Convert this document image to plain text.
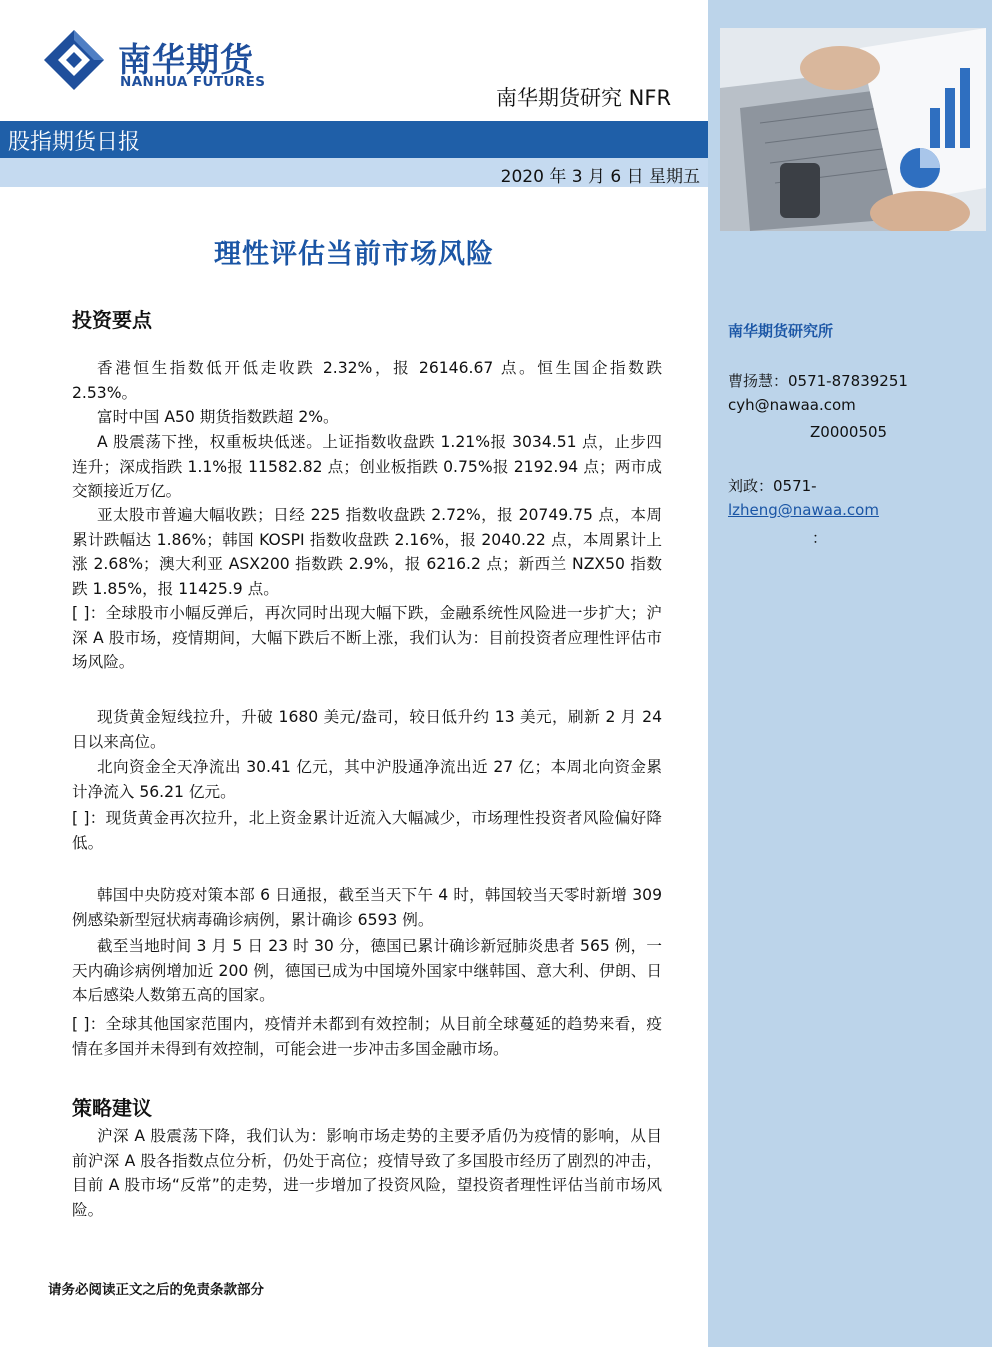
南华期货
NANHUA FUTURES
南华期货研究 NFR
股指期货日报
2020 年 3 月 6 日 星期五
理性评估当前市场风险
投资要点

香港恒生指数低开低走收跌 2.32%，报 26146.67 点。恒生国企指数跌 2.53%。

富时中国 A50 期货指数跌超 2%。

A 股震荡下挫，权重板块低迷。上证指数收盘跌 1.21%报 3034.51 点，止步四连升；深成指跌 1.1%报 11582.82 点；创业板指跌 0.75%报 2192.94 点；两市成交额接近万亿。

亚太股市普遍大幅收跌；日经 225 指数收盘跌 2.72%，报 20749.75 点，本周累计跌幅达 1.86%；韩国 KOSPI 指数收盘跌 2.16%，报 2040.22 点，本周累计上涨 2.68%；澳大利亚 ASX200 指数跌 2.9%，报 6216.2 点；新西兰 NZX50 指数跌 1.85%，报 11425.9 点。

[ ]：全球股市小幅反弹后，再次同时出现大幅下跌，金融系统性风险进一步扩大；沪深 A 股市场，疫情期间，大幅下跌后不断上涨，我们认为：目前投资者应理性评估市场风险。

现货黄金短线拉升，升破 1680 美元/盎司，较日低升约 13 美元，刷新 2 月 24 日以来高位。

北向资金全天净流出 30.41 亿元，其中沪股通净流出近 27 亿；本周北向资金累计净流入 56.21 亿元。

[ ]：现货黄金再次拉升，北上资金累计近流入大幅减少，市场理性投资者风险偏好降低。

韩国中央防疫对策本部 6 日通报，截至当天下午 4 时，韩国较当天零时新增 309 例感染新型冠状病毒确诊病例，累计确诊 6593 例。

截至当地时间 3 月 5 日 23 时 30 分，德国已累计确诊新冠肺炎患者 565 例，一天内确诊病例增加近 200 例，德国已成为中国境外国家中继韩国、意大利、伊朗、日本后感染人数第五高的国家。

[ ]：全球其他国家范围内，疫情并未都到有效控制；从目前全球蔓延的趋势来看，疫情在多国并未得到有效控制，可能会进一步冲击多国金融市场。

策略建议

沪深 A 股震荡下降，我们认为：影响市场走势的主要矛盾仍为疫情的影响，从目前沪深 A 股各指数点位分析，仍处于高位；疫情导致了多国股市经历了剧烈的冲击，目前 A 股市场“反常”的走势，进一步增加了投资风险，望投资者理性评估当前市场风险。

南华期货研究所
曹扬慧：0571-87839251
cyh@nawaa.com
Z0000505
刘政：0571-
lzheng@nawaa.com
：
请务必阅读正文之后的免责条款部分
